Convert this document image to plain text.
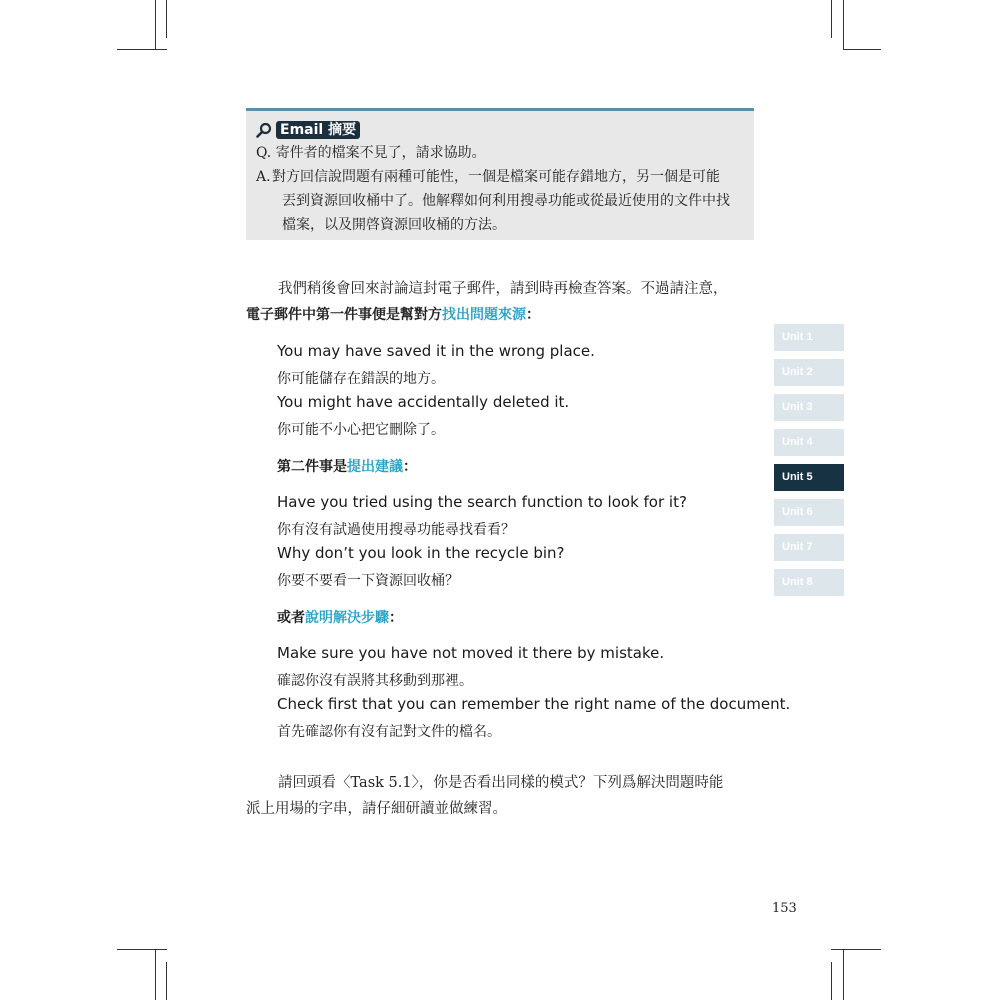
Email 摘要
Q. 寄件者的檔案不見了，請求協助。
A. 對方回信說問題有兩種可能性，一個是檔案可能存錯地方，另一個是可能
丟到資源回收桶中了。他解釋如何利用搜尋功能或從最近使用的文件中找
檔案，以及開啓資源回收桶的方法。
我們稍後會回來討論這封電子郵件，請到時再檢查答案。不過請注意，
電子郵件中第一件事便是幫對方找出問題來源：
You may have saved it in the wrong place.
你可能儲存在錯誤的地方。
You might have accidentally deleted it.
你可能不小心把它刪除了。
第二件事是提出建議：
Have you tried using the search function to look for it?
你有沒有試過使用搜尋功能尋找看看？
Why don’t you look in the recycle bin?
你要不要看一下資源回收桶？
或者說明解決步驟：
Make sure you have not moved it there by mistake.
確認你沒有誤將其移動到那裡。
Check first that you can remember the right name of the document.
首先確認你有沒有記對文件的檔名。
請回頭看〈Task 5.1〉，你是否看出同樣的模式？下列爲解決問題時能
派上用場的字串，請仔細研讀並做練習。
Unit 1
Unit 2
Unit 3
Unit 4
Unit 5
Unit 6
Unit 7
Unit 8
153
